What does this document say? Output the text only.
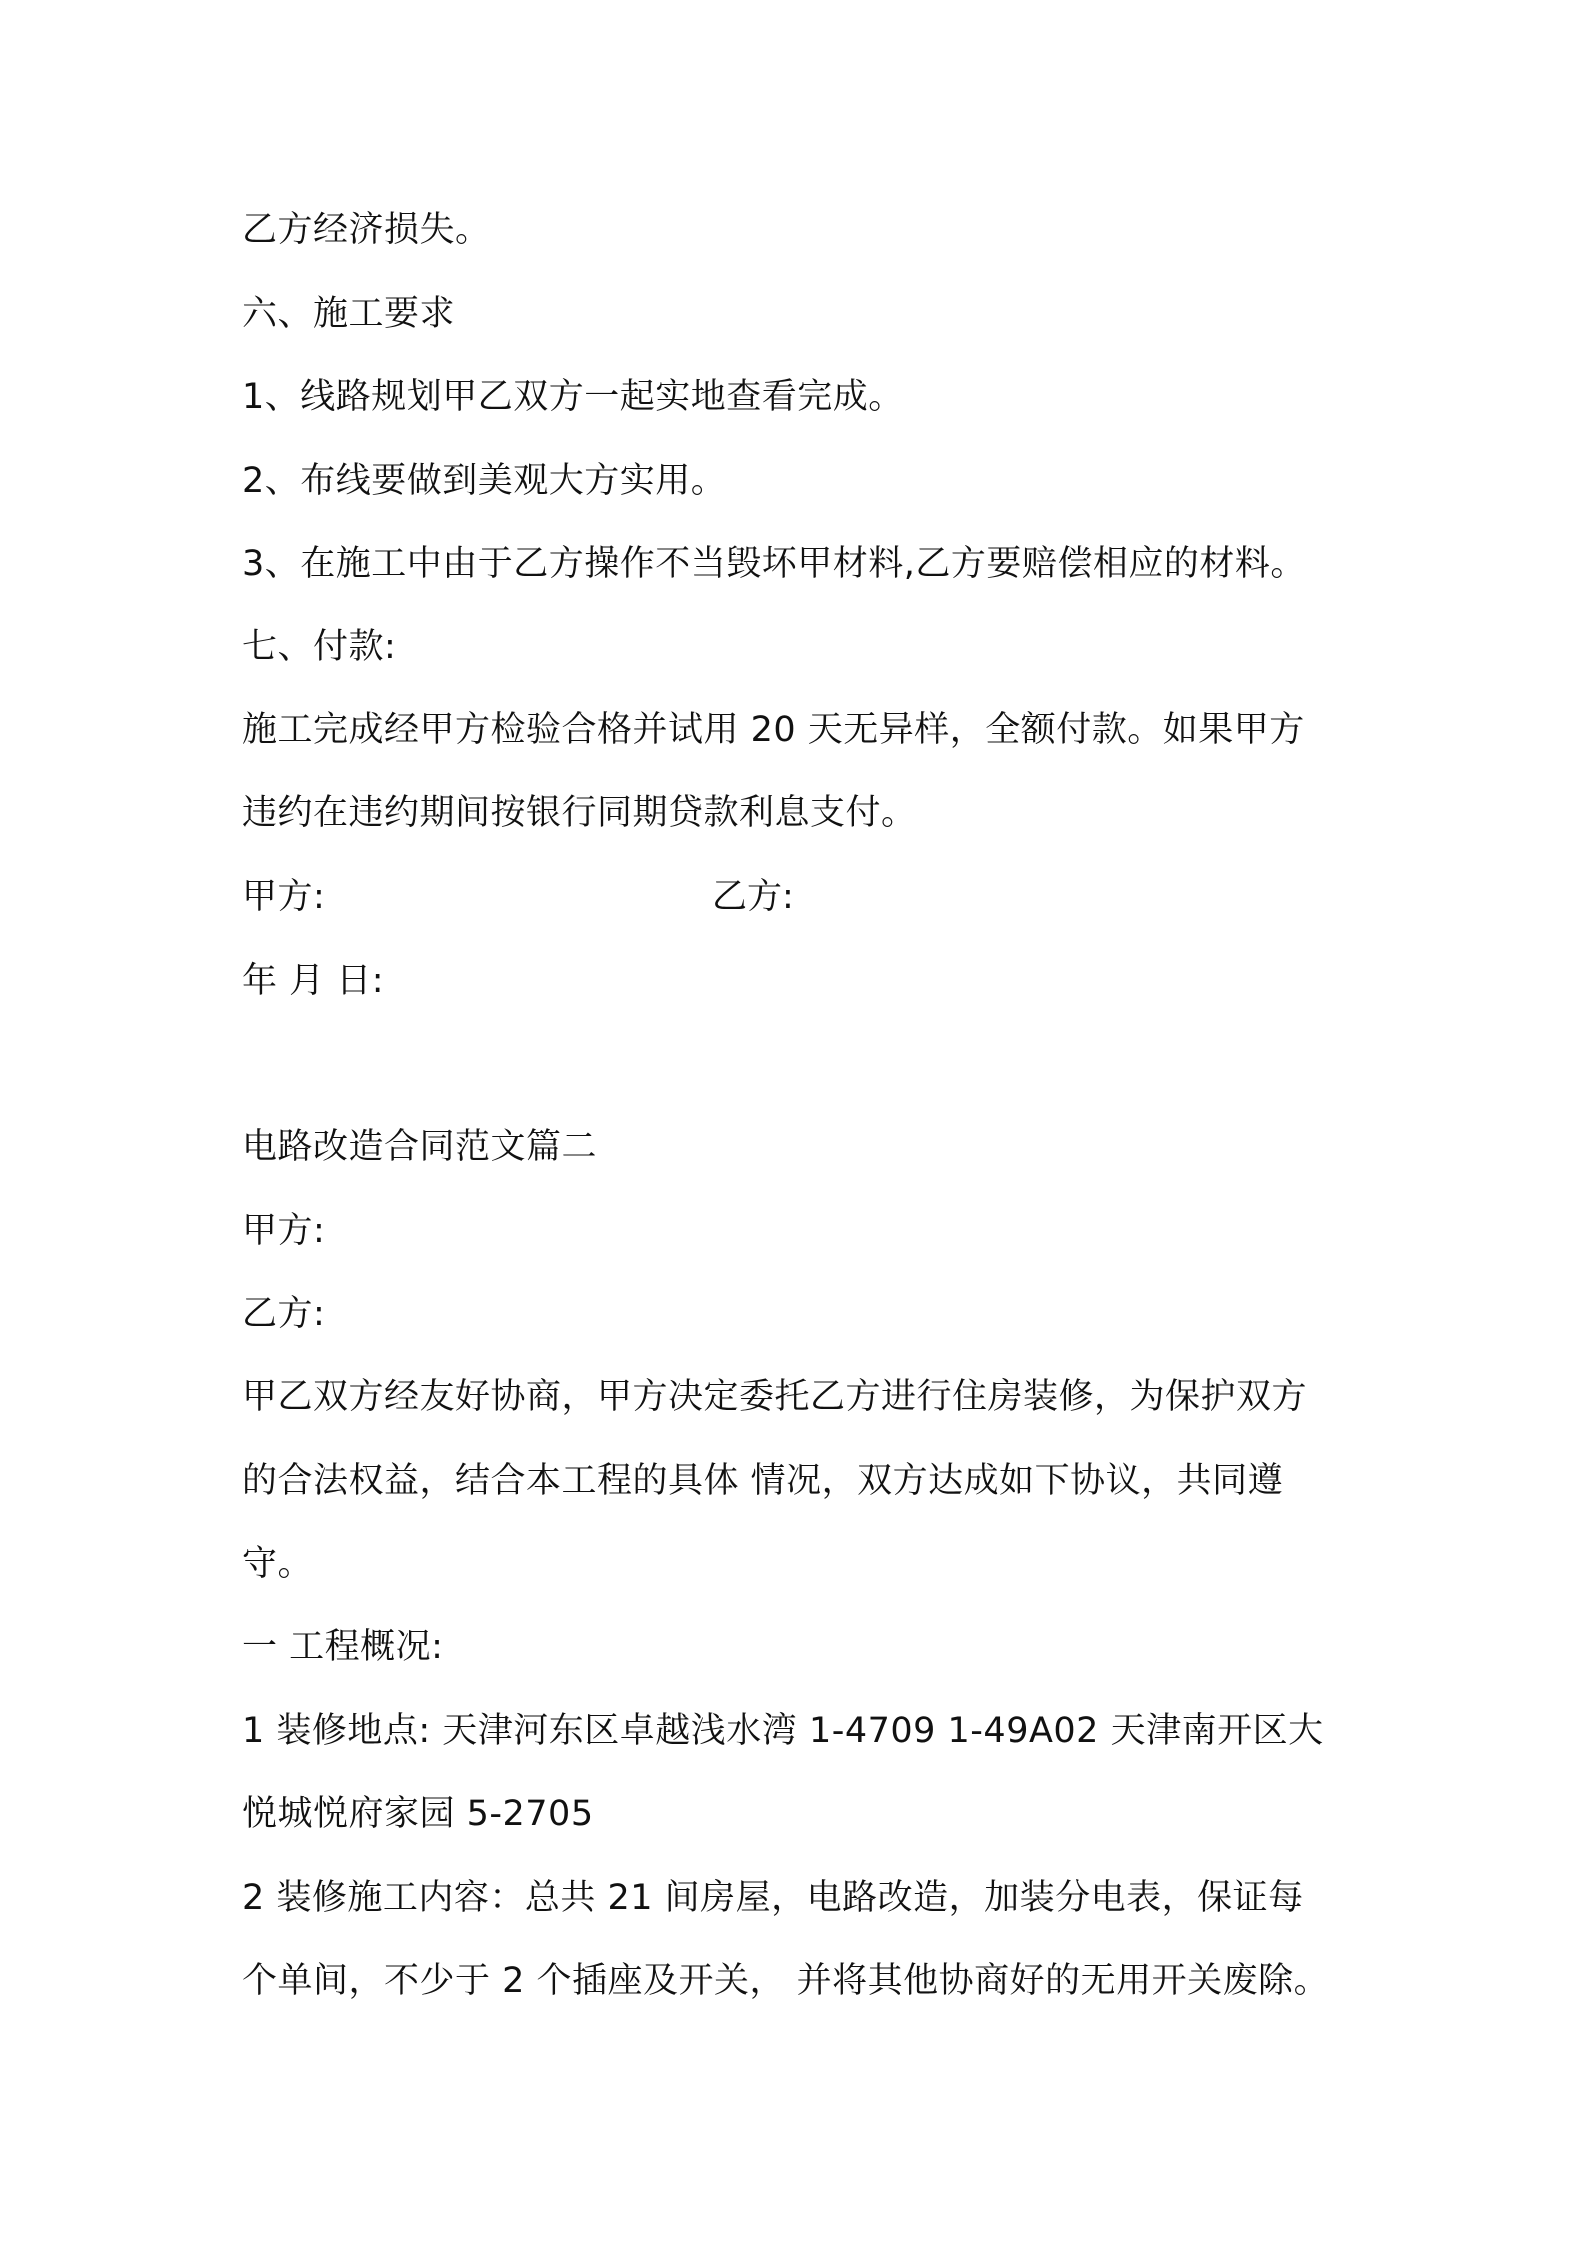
乙方经济损失。
六、施工要求
1、线路规划甲乙双方一起实地查看完成。
2、布线要做到美观大方实用。
3、在施工中由于乙方操作不当毁坏甲材料,乙方要赔偿相应的材料。
七、付款:
施工完成经甲方检验合格并试用 20 天无异样，全额付款。如果甲方
违约在违约期间按银行同期贷款利息支付。
甲方:	乙方:
年 月 日:
电路改造合同范文篇二
甲方:
乙方:
甲乙双方经友好协商，甲方决定委托乙方进行住房装修，为保护双方
的合法权益，结合本工程的具体 情况，双方达成如下协议，共同遵
守。
一 工程概况:
1 装修地点: 天津河东区卓越浅水湾 1-4709 1-49A02 天津南开区大
悦城悦府家园 5-2705
2 装修施工内容：总共 21 间房屋，电路改造，加装分电表，保证每
个单间，不少于 2 个插座及开关， 并将其他协商好的无用开关废除。
